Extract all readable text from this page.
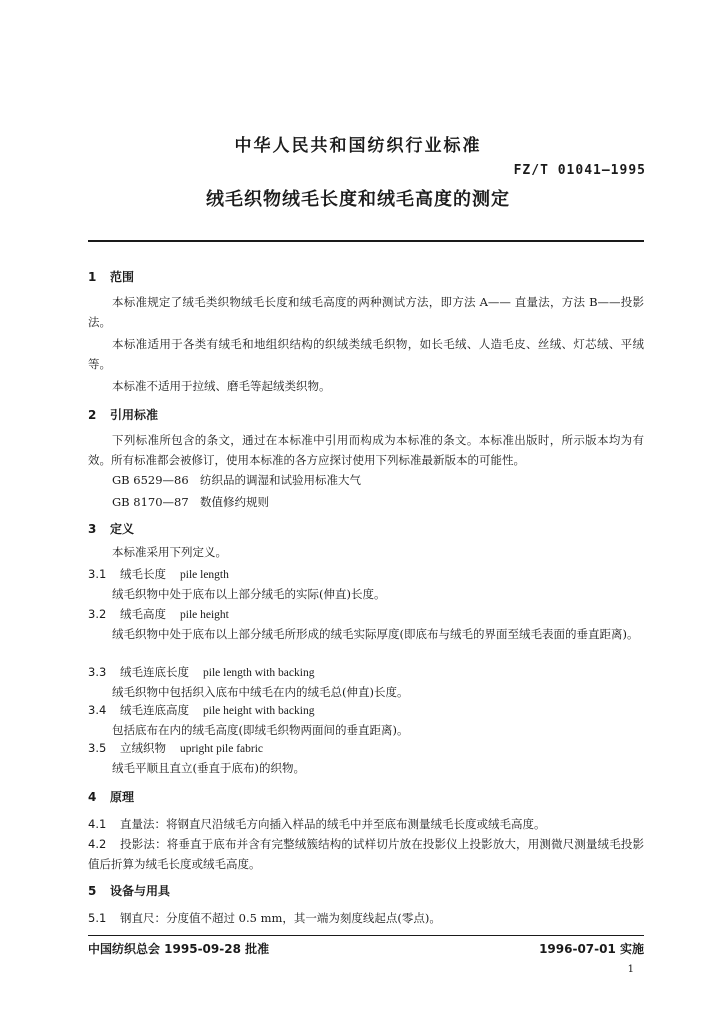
中华人民共和国纺织行业标准
FZ/T 01041—1995
绒毛织物绒毛长度和绒毛高度的测定
1 范围
本标准规定了绒毛类织物绒毛长度和绒毛高度的两种测试方法，即方法 A—— 直量法，方法 B——投影法。
本标准适用于各类有绒毛和地组织结构的织绒类绒毛织物，如长毛绒、人造毛皮、丝绒、灯芯绒、平绒等。
本标准不适用于拉绒、磨毛等起绒类织物。
2 引用标准
下列标准所包含的条文，通过在本标准中引用而构成为本标准的条文。本标准出版时，所示版本均为有效。所有标准都会被修订，使用本标准的各方应探讨使用下列标准最新版本的可能性。
GB 6529—86 纺织品的调湿和试验用标准大气
GB 8170—87 数值修约规则
3 定义
本标准采用下列定义。
3.1 绒毛长度 pile length
绒毛织物中处于底布以上部分绒毛的实际(伸直)长度。
3.2 绒毛高度 pile height
绒毛织物中处于底布以上部分绒毛所形成的绒毛实际厚度(即底布与绒毛的界面至绒毛表面的垂直距离)。
3.3 绒毛连底长度 pile length with backing
绒毛织物中包括织入底布中绒毛在内的绒毛总(伸直)长度。
3.4 绒毛连底高度 pile height with backing
包括底布在内的绒毛高度(即绒毛织物两面间的垂直距离)。
3.5 立绒织物 upright pile fabric
绒毛平顺且直立(垂直于底布)的织物。
4 原理
4.1 直量法：将钢直尺沿绒毛方向插入样品的绒毛中并至底布测量绒毛长度或绒毛高度。
4.2 投影法：将垂直于底布并含有完整绒簇结构的试样切片放在投影仪上投影放大，用测微尺测量绒毛投影值后折算为绒毛长度或绒毛高度。
5 设备与用具
5.1 钢直尺：分度值不超过 0.5 mm，其一端为刻度线起点(零点)。
中国纺织总会 1995-09-28 批准	1996-07-01 实施
1
